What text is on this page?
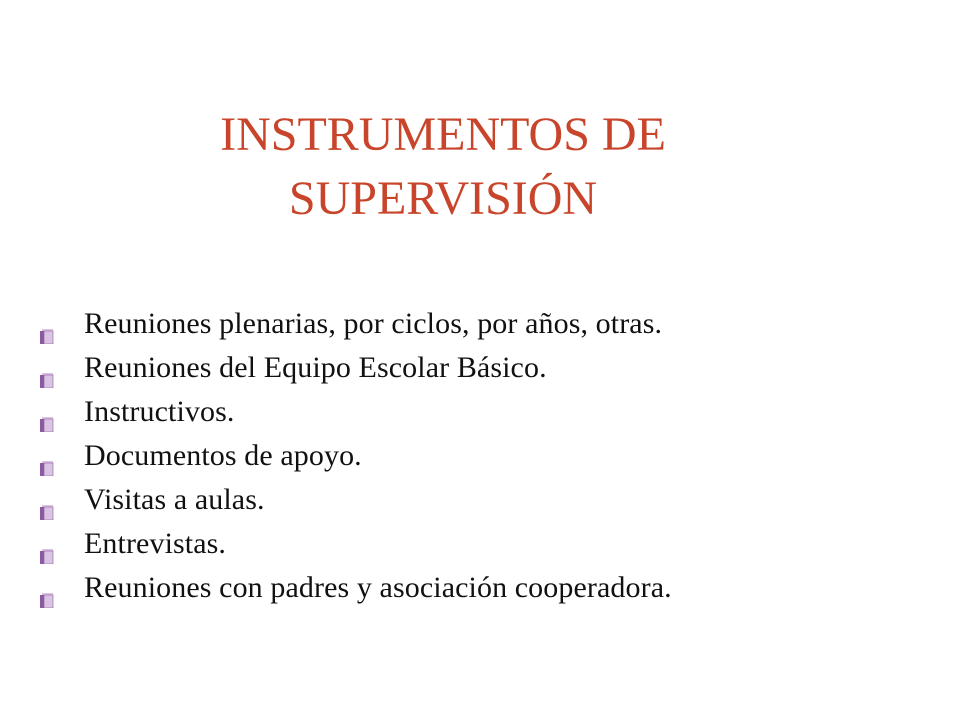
INSTRUMENTOS DE
SUPERVISIÓN
Reuniones plenarias, por ciclos, por años, otras.
Reuniones del Equipo Escolar Básico.
Instructivos.
Documentos de apoyo.
Visitas a aulas.
Entrevistas.
Reuniones con padres y asociación cooperadora.
